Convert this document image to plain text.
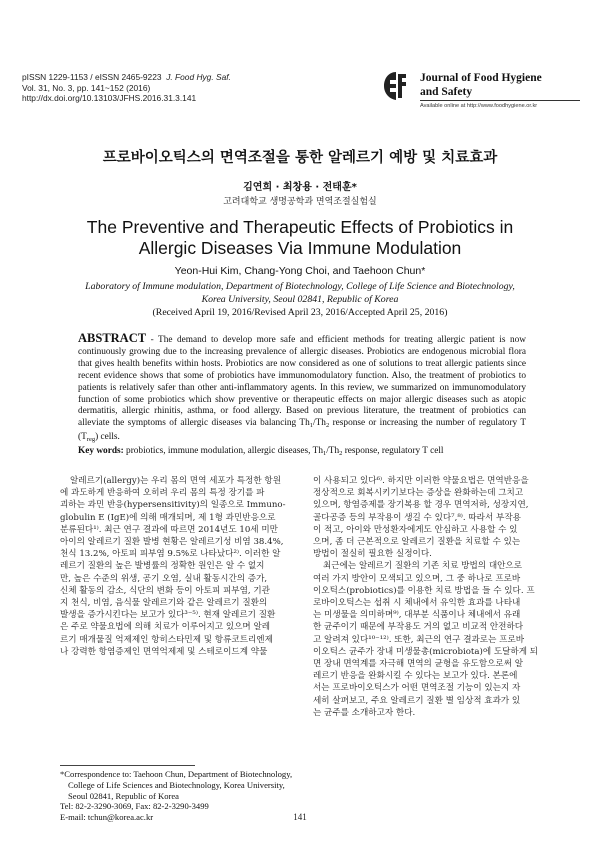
pISSN 1229-1153 / eISSN 2465-9223 J. Food Hyg. Saf.
Vol. 31, No. 3, pp. 141~152 (2016)
http://dx.doi.org/10.13103/JFHS.2016.31.3.141
Journal of Food Hygiene
and Safety
Available online at http://www.foodhygiene.or.kr
프로바이오틱스의 면역조절을 통한 알레르기 예방 및 치료효과
김연희 · 최창용 · 전태훈*
고려대학교 생명공학과 면역조절실험실
The Preventive and Therapeutic Effects of Probiotics in
Allergic Diseases Via Immune Modulation
Yeon-Hui Kim, Chang-Yong Choi, and Taehoon Chun*
Laboratory of Immune modulation, Department of Biotechnology, College of Life Science and Biotechnology,
Korea University, Seoul 02841, Republic of Korea
(Received April 19, 2016/Revised April 23, 2016/Accepted April 25, 2016)
ABSTRACT - The demand to develop more safe and efficient methods for treating allergic patient is now continuously growing due to the increasing prevalence of allergic diseases. Probiotics are endogenous microbial flora that gives health benefits within hosts. Probiotics are now considered as one of solutions to treat allergic patients since recent evidence shows that some of probiotics have immunomodulatory function. Also, the treatment of probiotics to patients is relatively safer than other anti-inflammatory agents. In this review, we summarized on immunomodulatory function of some probiotics which show preventive or therapeutic effects on major allergic diseases such as atopic dermatitis, allergic rhinitis, asthma, or food allergy. Based on previous literature, the treatment of probiotics can alleviate the symptoms of allergic diseases via balancing $Th_1/Th_2$ response or increasing the number of regulatory T $(T_{reg})$ cells.
Key words: probiotics, immune modulation, allergic diseases, $Th_1/Th_2$ response, regulatory T cell
알레르기(allergy)는 우리 몸의 면역 세포가 특정한 항원
에 과도하게 반응하여 오히려 우리 몸의 특정 장기를 파
괴하는 과민 반응(hypersensitivity)의 일종으로 Immuno-
globulin E (IgE)에 의해 매개되며, 제 1형 과민반응으로
분류된다¹⁾. 최근 연구 결과에 따르면 2014년도 10세 미만
아이의 알레르기 질환 발병 현황은 알레르기성 비염 38.4%,
천식 13.2%, 아토피 피부염 9.5%로 나타났다²⁾. 이러한 알
레르기 질환의 높은 발병률의 정확한 원인은 알 수 없지
만, 높은 수준의 위생, 공기 오염, 실내 활동시간의 증가,
신체 활동의 감소, 식단의 변화 등이 아토피 피부염, 기관
지 천식, 비염, 음식물 알레르기와 같은 알레르기 질환의
발생을 증가시킨다는 보고가 있다³⁻⁵⁾. 현재 알레르기 질환
은 주로 약물요법에 의해 치료가 이루어지고 있으며 알레
르기 매개물질 억제제인 항히스타민제 및 항류코트리엔제
나 강력한 항염증제인 면역억제제 및 스테로이드계 약물
이 사용되고 있다⁶⁾. 하지만 이러한 약물요법은 면역반응을
정상적으로 회복시키기보다는 증상을 완화하는데 그치고
있으며, 항염증제를 장기복용 할 경우 면역저하, 성장지연,
골다공증 등의 부작용이 생길 수 있다⁷,⁸⁾. 따라서 부작용
이 적고, 아이와 만성환자에게도 안심하고 사용할 수 있
으며, 좀 더 근본적으로 알레르기 질환을 치료할 수 있는
방법이 절실히 필요한 실정이다.
최근에는 알레르기 질환의 기존 치료 방법의 대안으로
여러 가지 방안이 모색되고 있으며, 그 중 하나로 프로바
이오틱스(probiotics)를 이용한 치료 방법을 들 수 있다. 프
로바이오틱스는 섭취 시 체내에서 유익한 효과를 나타내
는 미생물을 의미하며⁹⁾, 대부분 식품이나 체내에서 유래
한 균주이기 때문에 부작용도 거의 없고 비교적 안전하다
고 알려져 있다¹⁰⁻¹²⁾. 또한, 최근의 연구 결과로는 프로바
이오틱스 균주가 장내 미생물총(microbiota)에 도달하게 되
면 장내 면역계를 자극해 면역의 균형을 유도함으로써 알
레르기 반응을 완화시킬 수 있다는 보고가 있다. 본론에
서는 프로바이오틱스가 어떤 면역조절 기능이 있는지 자
세히 살펴보고, 주요 알레르기 질환 별 임상적 효과가 있
는 균주를 소개하고자 한다.
*Correspondence to: Taehoon Chun, Department of Biotechnology,
College of Life Sciences and Biotechnology, Korea University,
Seoul 02841, Republic of Korea
Tel: 82-2-3290-3069, Fax: 82-2-3290-3499
E-mail: tchun@korea.ac.kr	141
